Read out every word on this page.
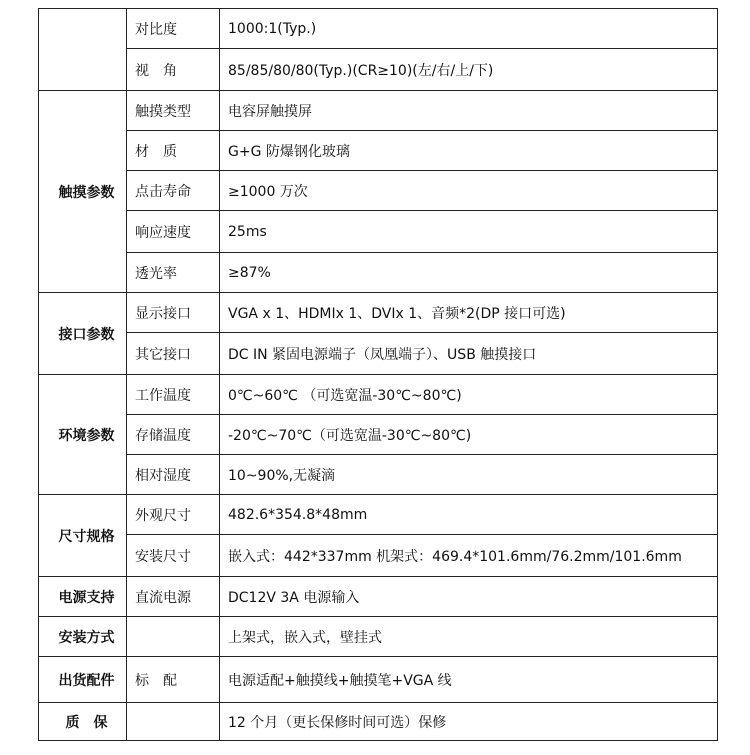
	对比度	1000:1(Typ.)
	视　角	85/85/80/80(Typ.)(CR≥10)(左/右/上/下)
触摸参数	触摸类型	电容屏触摸屏
	材　质	G+G 防爆钢化玻璃
	点击寿命	≥1000 万次
	响应速度	25ms
	透光率	≥87%
接口参数	显示接口	VGA x 1、HDMIx 1、DVIx 1、音频*2(DP 接口可选)
	其它接口	DC IN 紧固电源端子（凤凰端子）、USB 触摸接口
环境参数	工作温度	0℃~60℃ （可选宽温-30℃~80℃)
	存储温度	-20℃~70℃（可选宽温-30℃~80℃)
	相对湿度	10~90%,无凝滴
尺寸规格	外观尺寸	482.6*354.8*48mm
	安装尺寸	嵌入式：442*337mm 机架式：469.4*101.6mm/76.2mm/101.6mm
电源支持	直流电源	DC12V 3A 电源输入
安装方式		上架式，嵌入式，壁挂式
出货配件	标　配	电源适配+触摸线+触摸笔+VGA 线
质　保		12 个月（更长保修时间可选）保修
